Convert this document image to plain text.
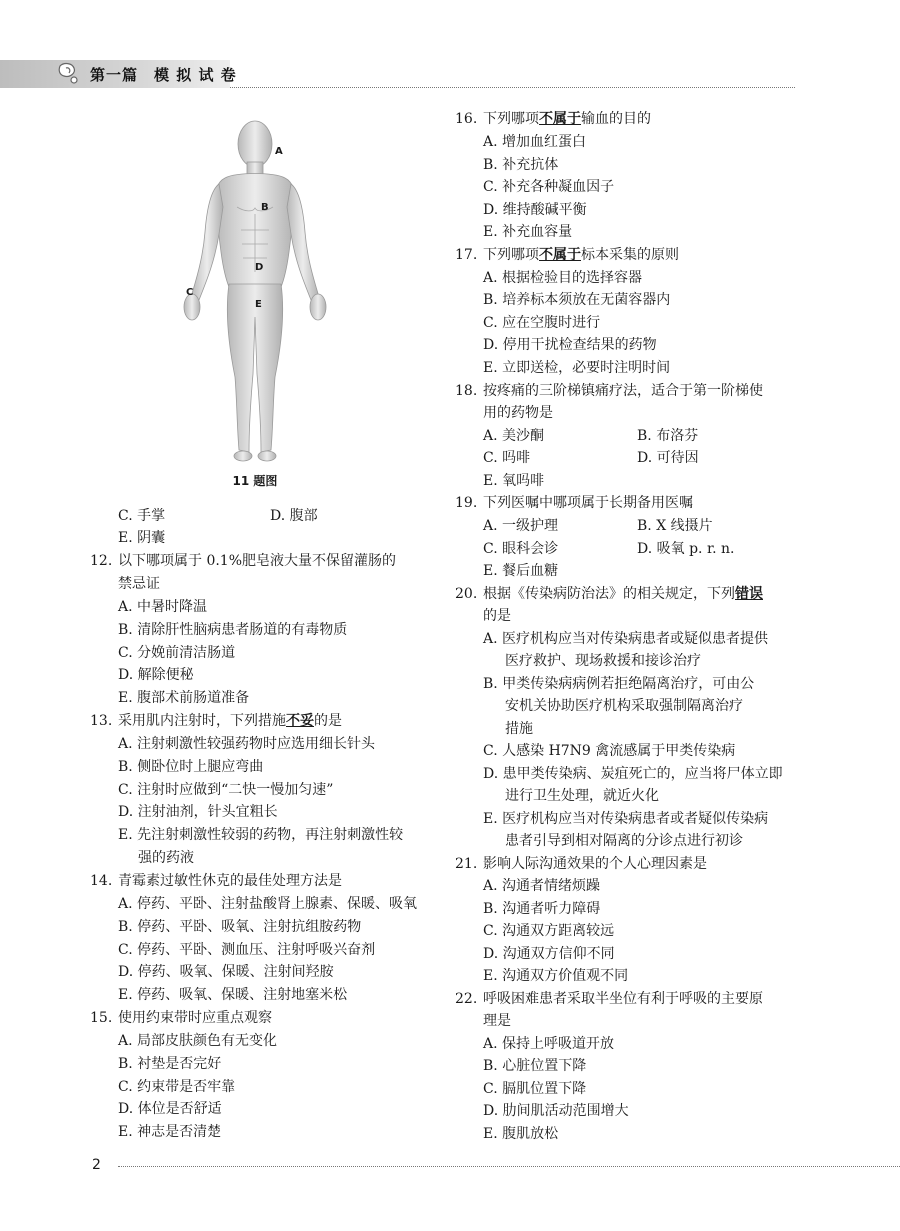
第一篇　模 拟 试 卷
A
B
C
D
E
11 题图
C. 手掌	D. 腹部
E. 阴囊
12. 以下哪项属于 0.1%肥皂液大量不保留灌肠的
禁忌证
A. 中暑时降温
B. 清除肝性脑病患者肠道的有毒物质
C. 分娩前清洁肠道
D. 解除便秘
E. 腹部术前肠道准备
13. 采用肌内注射时，下列措施不妥的是
A. 注射刺激性较强药物时应选用细长针头
B. 侧卧位时上腿应弯曲
C. 注射时应做到“二快一慢加匀速”
D. 注射油剂，针头宜粗长
E. 先注射刺激性较弱的药物，再注射刺激性较
强的药液
14. 青霉素过敏性休克的最佳处理方法是
A. 停药、平卧、注射盐酸肾上腺素、保暖、吸氧
B. 停药、平卧、吸氧、注射抗组胺药物
C. 停药、平卧、测血压、注射呼吸兴奋剂
D. 停药、吸氧、保暖、注射间羟胺
E. 停药、吸氧、保暖、注射地塞米松
15. 使用约束带时应重点观察
A. 局部皮肤颜色有无变化
B. 衬垫是否完好
C. 约束带是否牢靠
D. 体位是否舒适
E. 神志是否清楚
16. 下列哪项不属于输血的目的
A. 增加血红蛋白
B. 补充抗体
C. 补充各种凝血因子
D. 维持酸碱平衡
E. 补充血容量
17. 下列哪项不属于标本采集的原则
A. 根据检验目的选择容器
B. 培养标本须放在无菌容器内
C. 应在空腹时进行
D. 停用干扰检查结果的药物
E. 立即送检，必要时注明时间
18. 按疼痛的三阶梯镇痛疗法，适合于第一阶梯使
用的药物是
A. 美沙酮	B. 布洛芬
C. 吗啡	D. 可待因
E. 氧吗啡
19. 下列医嘱中哪项属于长期备用医嘱
A. 一级护理	B. X 线摄片
C. 眼科会诊	D. 吸氧 p. r. n.
E. 餐后血糖
20. 根据《传染病防治法》的相关规定，下列错误
的是
A. 医疗机构应当对传染病患者或疑似患者提供
医疗救护、现场救援和接诊治疗
B. 甲类传染病病例若拒绝隔离治疗，可由公
安机关协助医疗机构采取强制隔离治疗
措施
C. 人感染 H7N9 禽流感属于甲类传染病
D. 患甲类传染病、炭疽死亡的，应当将尸体立即
进行卫生处理，就近火化
E. 医疗机构应当对传染病患者或者疑似传染病
患者引导到相对隔离的分诊点进行初诊
21. 影响人际沟通效果的个人心理因素是
A. 沟通者情绪烦躁
B. 沟通者听力障碍
C. 沟通双方距离较远
D. 沟通双方信仰不同
E. 沟通双方价值观不同
22. 呼吸困难患者采取半坐位有利于呼吸的主要原
理是
A. 保持上呼吸道开放
B. 心脏位置下降
C. 膈肌位置下降
D. 肋间肌活动范围增大
E. 腹肌放松
2
